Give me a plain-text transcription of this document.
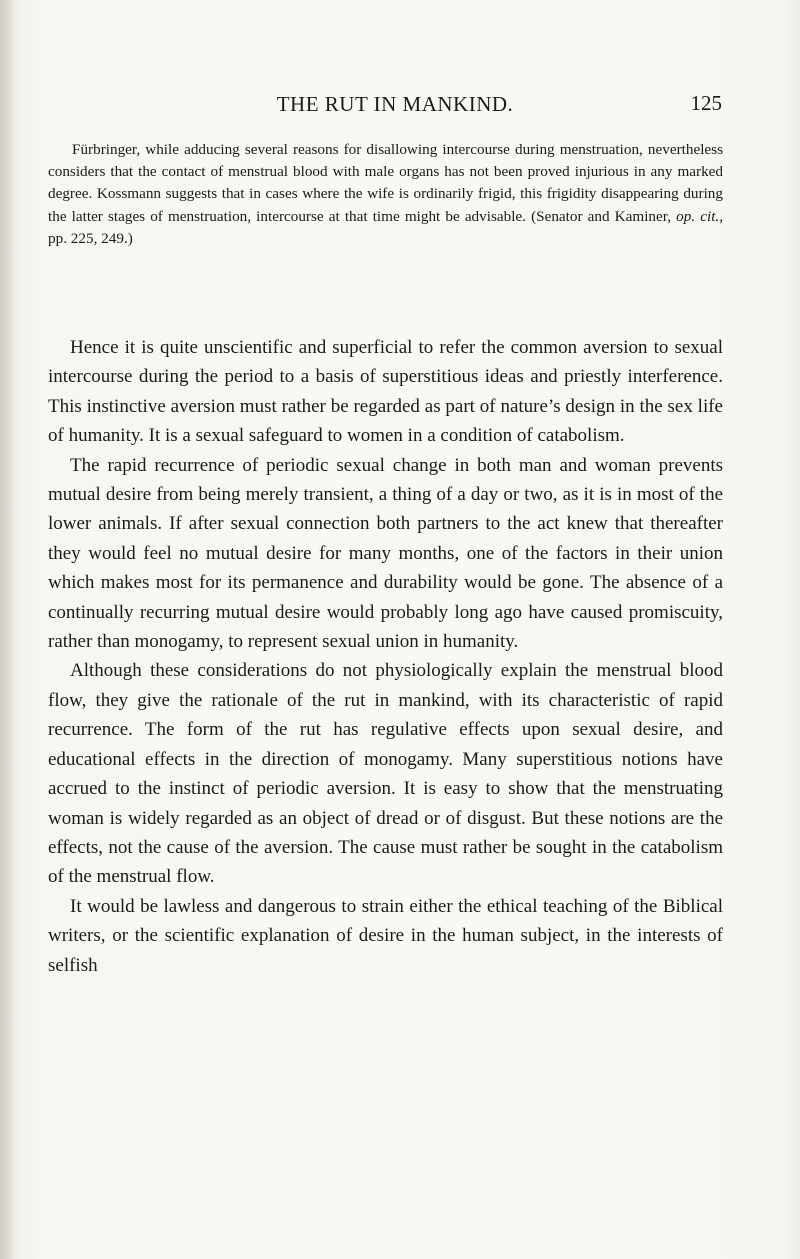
THE RUT IN MANKIND.	125

Fürbringer, while adducing several reasons for disallowing intercourse during menstruation, nevertheless considers that the contact of menstrual blood with male organs has not been proved injurious in any marked degree. Kossmann suggests that in cases where the wife is ordinarily frigid, this frigidity disappearing during the latter stages of menstruation, intercourse at that time might be advisable. (Senator and Kaminer, op. cit., pp. 225, 249.)

Hence it is quite unscientific and superficial to refer the common aversion to sexual intercourse during the period to a basis of superstitious ideas and priestly interference. This instinctive aversion must rather be regarded as part of nature’s design in the sex life of humanity. It is a sexual safeguard to women in a condition of catabolism.

The rapid recurrence of periodic sexual change in both man and woman prevents mutual desire from being merely transient, a thing of a day or two, as it is in most of the lower animals. If after sexual connection both partners to the act knew that thereafter they would feel no mutual desire for many months, one of the factors in their union which makes most for its permanence and durability would be gone. The absence of a continually recurring mutual desire would probably long ago have caused promiscuity, rather than monogamy, to represent sexual union in humanity.

Although these considerations do not physiologically explain the menstrual blood flow, they give the rationale of the rut in mankind, with its characteristic of rapid recurrence. The form of the rut has regulative effects upon sexual desire, and educational effects in the direction of monogamy. Many superstitious notions have accrued to the instinct of periodic aversion. It is easy to show that the menstruating woman is widely regarded as an object of dread or of disgust. But these notions are the effects, not the cause of the aversion. The cause must rather be sought in the catabolism of the menstrual flow.

It would be lawless and dangerous to strain either the ethical teaching of the Biblical writers, or the scientific explanation of desire in the human subject, in the interests of selfish
